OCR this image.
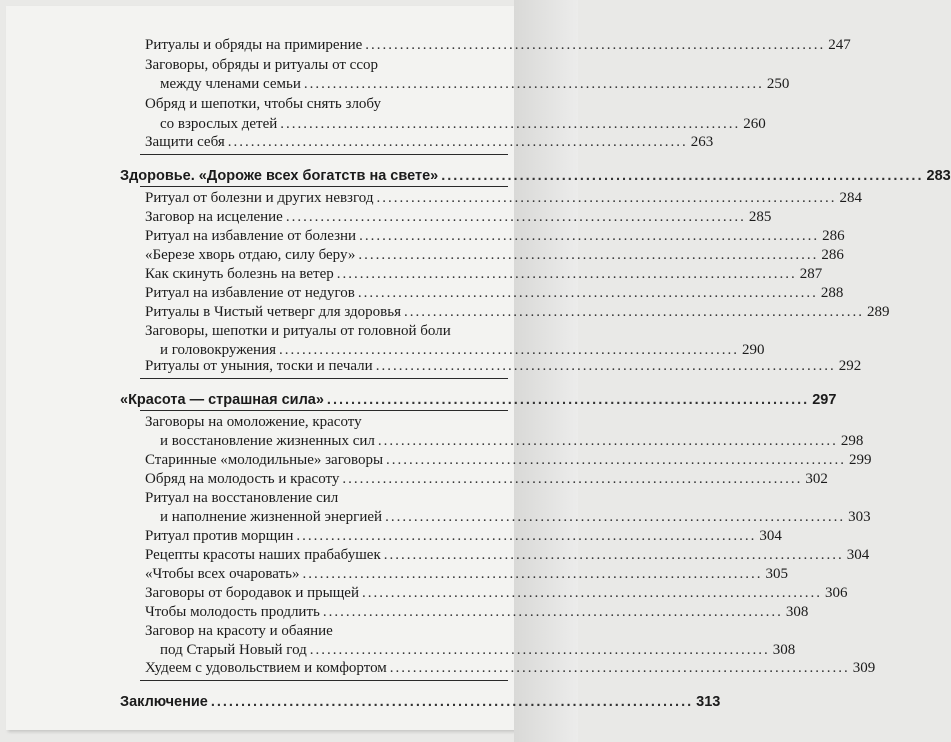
Ритуалы и обряды на примирение ................................................................................ 247
Заговоры, обряды и ритуалы от ссор
между членами семьи ................................................................................ 250
Обряд и шепотки, чтобы снять злобу
со взрослых детей ................................................................................ 260
Защити себя ................................................................................ 263
Здоровье. «Дороже всех богатств на свете» ................................................................................ 283
Ритуал от болезни и других невзгод ................................................................................ 284
Заговор на исцеление ................................................................................ 285
Ритуал на избавление от болезни ................................................................................ 286
«Березе хворь отдаю, силу беру» ................................................................................ 286
Как скинуть болезнь на ветер ................................................................................ 287
Ритуал на избавление от недугов ................................................................................ 288
Ритуалы в Чистый четверг для здоровья ................................................................................ 289
Заговоры, шепотки и ритуалы от головной боли
и головокружения ................................................................................ 290
Ритуалы от уныния, тоски и печали ................................................................................ 292
«Красота — страшная сила» ................................................................................ 297
Заговоры на омоложение, красоту
и восстановление жизненных сил ................................................................................ 298
Старинные «молодильные» заговоры ................................................................................ 299
Обряд на молодость и красоту ................................................................................ 302
Ритуал на восстановление сил
и наполнение жизненной энергией ................................................................................ 303
Ритуал против морщин ................................................................................ 304
Рецепты красоты наших прабабушек ................................................................................ 304
«Чтобы всех очаровать» ................................................................................ 305
Заговоры от бородавок и прыщей ................................................................................ 306
Чтобы молодость продлить ................................................................................ 308
Заговор на красоту и обаяние
под Старый Новый год ................................................................................ 308
Худеем с удовольствием и комфортом ................................................................................ 309
Заключение ................................................................................ 313
